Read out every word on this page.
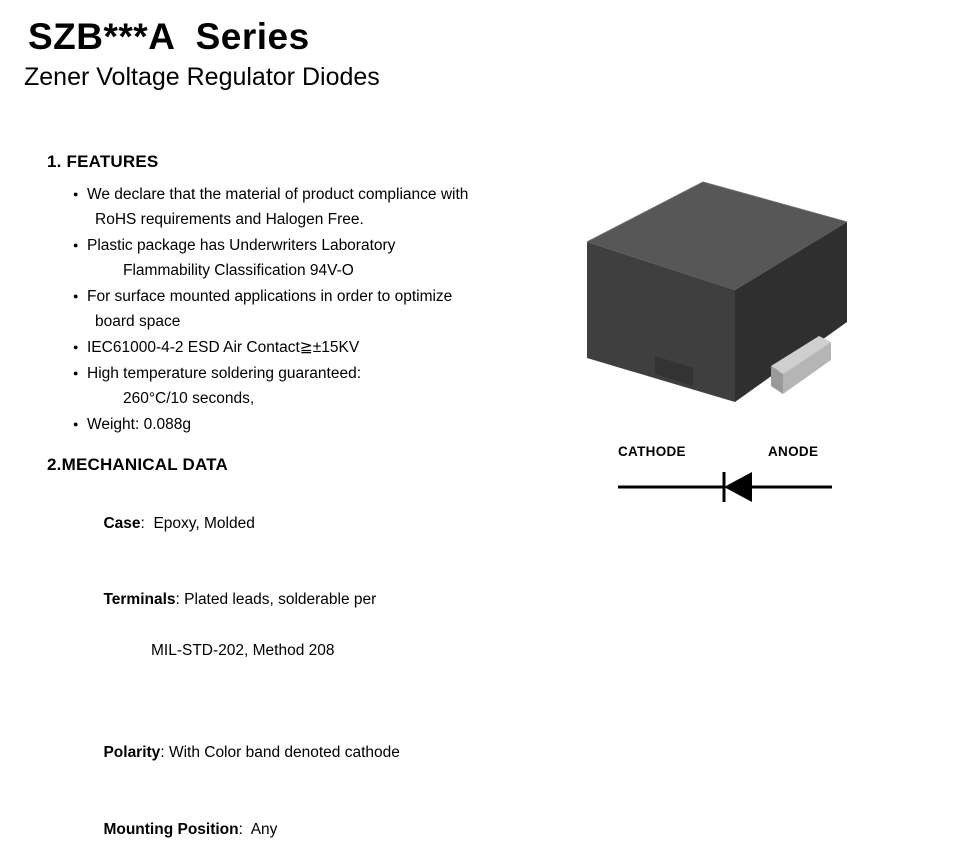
SZB***A  Series
Zener Voltage Regulator Diodes
1. FEATURES
● We declare that the material of product compliance with
RoHS requirements and Halogen Free.
● Plastic package has Underwriters Laboratory
Flammability Classification 94V-O
● For surface mounted applications in order to optimize
board space
● IEC61000-4-2 ESD Air Contact≧±15KV
● High temperature soldering guaranteed:
260°C/10 seconds,
● Weight: 0.088g
2.MECHANICAL DATA

Case:  Epoxy, Molded

Terminals: Plated leads, solderable per

MIL-STD-202, Method 208

Polarity: With Color band denoted cathode

Mounting Position:  Any

CATHODE	ANODE
